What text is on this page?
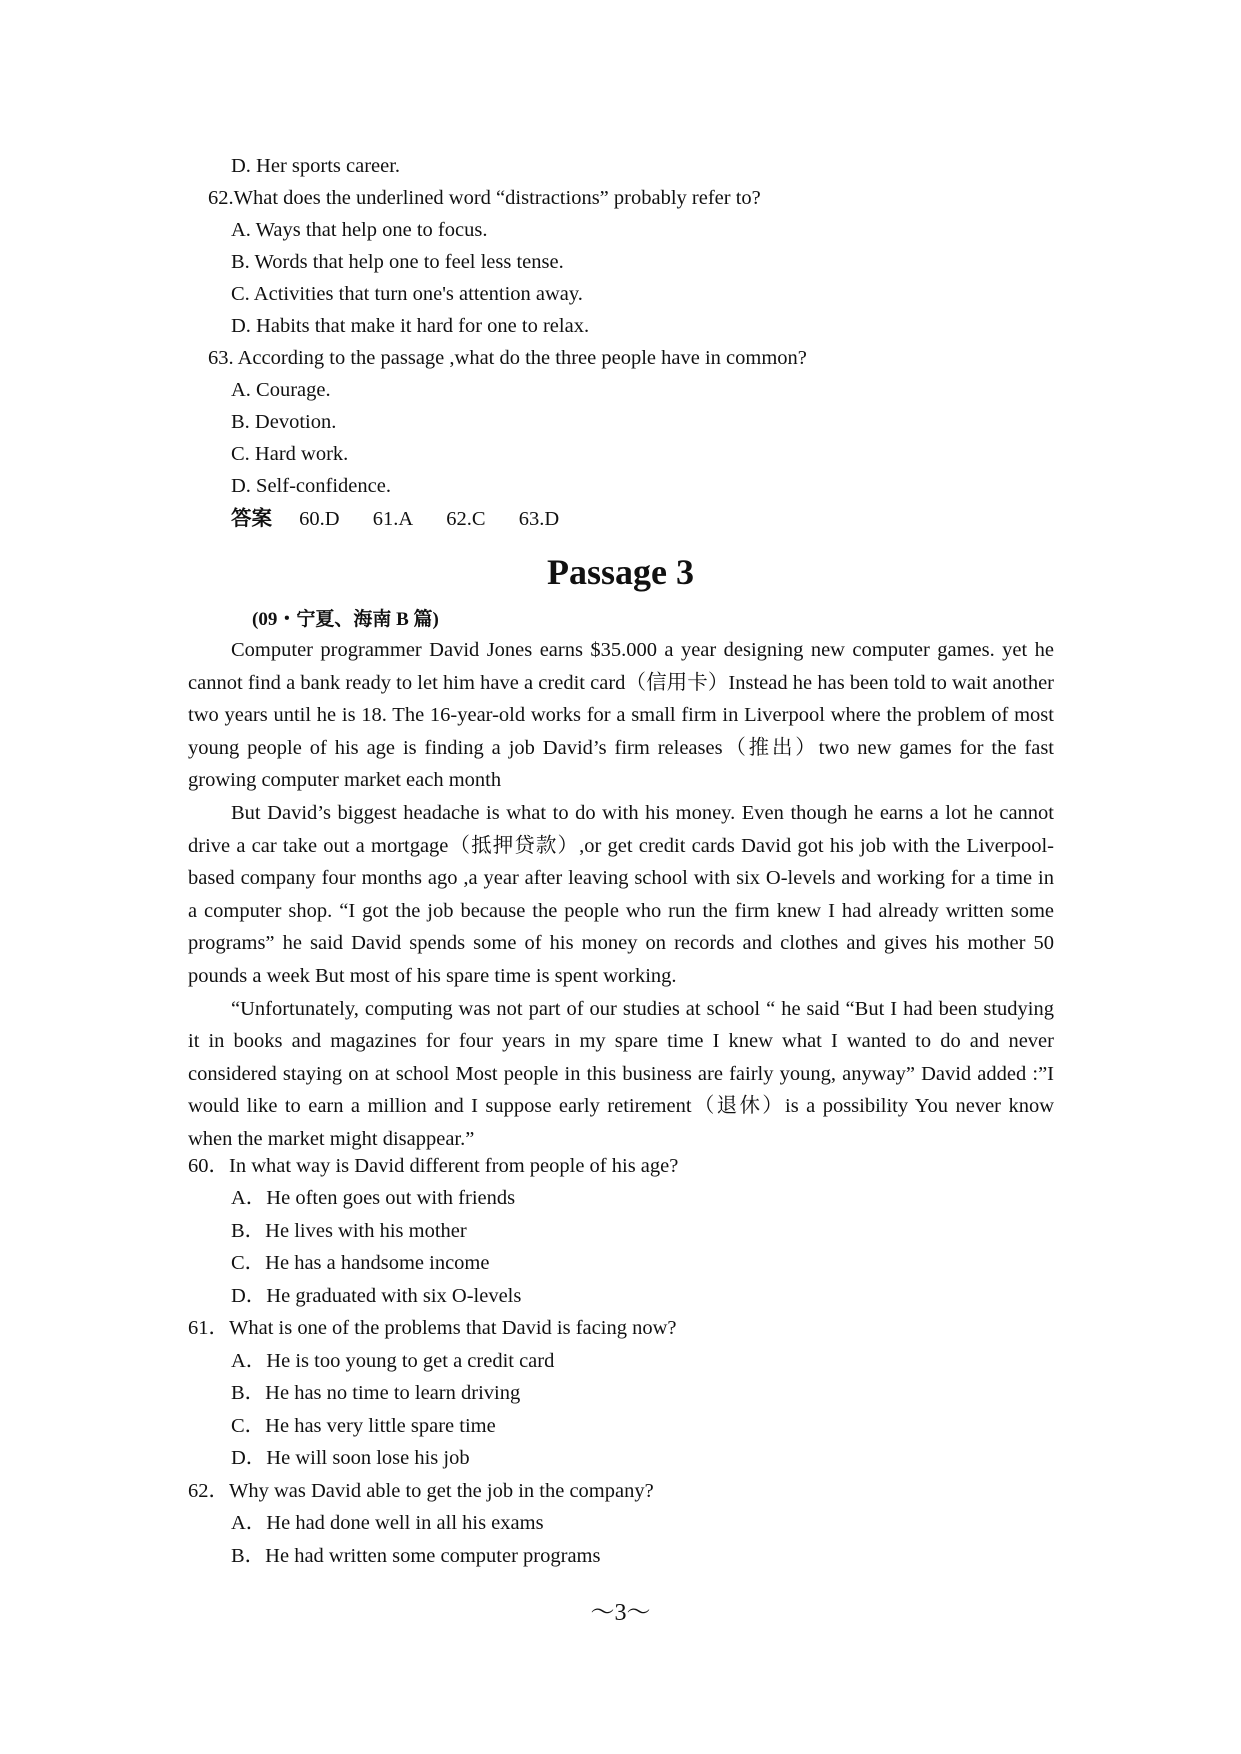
D. Her sports career.
62.What does the underlined word “distractions” probably refer to?
A. Ways that help one to focus.
B. Words that help one to feel less tense.
C. Activities that turn one's attention away.
D. Habits that make it hard for one to relax.
63. According to the passage ,what do the three people have in common?
A. Courage.
B. Devotion.
C. Hard work.
D. Self-confidence.
答案 60.D 61.A 62.C 63.D
Passage 3
(09・宁夏、海南 B 篇)

Computer programmer David Jones earns $35.000 a year designing new computer games. yet he cannot find a bank ready to let him have a credit card（信用卡）Instead he has been told to wait another two years until he is 18. The 16-year-old works for a small firm in Liverpool where the problem of most young people of his age is finding a job David’s firm releases（推出）two new games for the fast growing computer market each month

But David’s biggest headache is what to do with his money. Even though he earns a lot he cannot drive a car take out a mortgage（抵押贷款）,or get credit cards David got his job with the Liverpool-based company four months ago ,a year after leaving school with six O-levels and working for a time in a computer shop. “I got the job because the people who run the firm knew I had already written some programs” he said David spends some of his money on records and clothes and gives his mother 50 pounds a week But most of his spare time is spent working.

“Unfortunately, computing was not part of our studies at school “ he said “But I had been studying it in books and magazines for four years in my spare time I knew what I wanted to do and never considered staying on at school Most people in this business are fairly young, anyway” David added :”I would like to earn a million and I suppose early retirement（退休）is a possibility You never know when the market might disappear.”

60．In what way is David different from people of his age?
A．He often goes out with friends
B．He lives with his mother
C．He has a handsome income
D．He graduated with six O-levels
61．What is one of the problems that David is facing now?
A．He is too young to get a credit card
B．He has no time to learn driving
C．He has very little spare time
D．He will soon lose his job
62．Why was David able to get the job in the company?
A．He had done well in all his exams
B．He had written some computer programs
～3～
